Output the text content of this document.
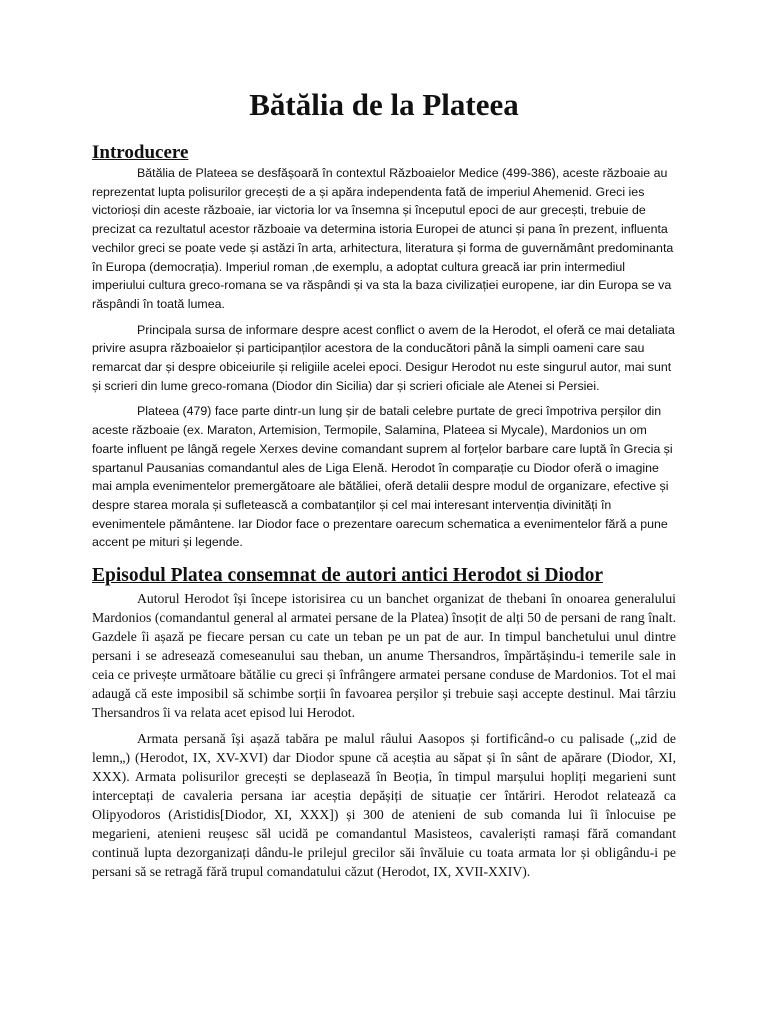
Bătălia de la Plateea
Introducere

Bătălia de Plateea se desfășoară în contextul Războaielor Medice (499-386), aceste războaie au reprezentat lupta polisurilor grecești de a și apăra independenta fată de imperiul Ahemenid. Greci ies victorioși din aceste războaie, iar victoria lor va însemna și începutul epoci de aur grecești, trebuie de precizat ca rezultatul acestor războaie va determina istoria Europei de atunci și pana în prezent, influenta vechilor greci se poate vede și astăzi în arta, arhitectura, literatura și forma de guvernământ predominanta în Europa (democrația). Imperiul roman ,de exemplu, a adoptat cultura greacă iar prin intermediul imperiului cultura greco-romana se va răspândi și va sta la baza civilizației europene, iar din Europa se va răspândi în toată lumea.

Principala sursa de informare despre acest conflict o avem de la Herodot, el oferă ce mai detaliata privire asupra războaielor și participanților acestora de la conducători până la simpli oameni care sau remarcat dar și despre obiceiurile și religiile acelei epoci. Desigur Herodot nu este singurul autor, mai sunt și scrieri din lume greco-romana (Diodor din Sicilia) dar și scrieri oficiale ale Atenei si Persiei.

Plateea (479) face parte dintr-un lung șir de batali celebre purtate de greci împotriva perșilor din aceste războaie (ex. Maraton, Artemision, Termopile, Salamina, Plateea si Mycale), Mardonios un om foarte influent pe lângă regele Xerxes devine comandant suprem al forțelor barbare care luptă în Grecia și spartanul Pausanias comandantul ales de Liga Elenă. Herodot în comparație cu Diodor oferă o imagine mai ampla evenimentelor premergătoare ale bătăliei, oferă detalii despre modul de organizare, efective și despre starea morala și sufletească a combatanților și cel mai interesant intervenția divinități în evenimentele pământene. Iar Diodor face o prezentare oarecum schematica a evenimentelor fără a pune accent pe mituri și legende.

Episodul Platea consemnat de autori antici Herodot si Diodor

Autorul Herodot își începe istorisirea cu un banchet organizat de thebani în onoarea generalului Mardonios (comandantul general al armatei persane de la Platea) însoțit de alți 50 de persani de rang înalt. Gazdele îi așază pe fiecare persan cu cate un teban pe un pat de aur. In timpul banchetului unul dintre persani i se adresează comeseanului sau theban, un anume Thersandros, împărtășindu-i temerile sale in ceia ce privește următoare bătălie cu greci și înfrângere armatei persane conduse de Mardonios. Tot el mai adaugă că este imposibil să schimbe sorții în favoarea perșilor și trebuie sași accepte destinul. Mai târziu Thersandros îi va relata acet episod lui Herodot.

Armata persană își așază tabăra pe malul râului Aasopos și fortificând-o cu palisade („zid de lemn„) (Herodot, IX, XV-XVI) dar Diodor spune că aceștia au săpat și în sânt de apărare (Diodor, XI, XXX). Armata polisurilor grecești se deplasează în Beoția, în timpul marșului hopliți megarieni sunt interceptați de cavaleria persana iar aceștia depășiți de situație cer întăriri. Herodot relatează ca Olipyodoros (Aristidis[Diodor, XI, XXX]) și 300 de atenieni de sub comanda lui îi înlocuise pe megarieni, atenieni reușesc săl ucidă pe comandantul Masisteos, cavaleriști ramași fără comandant continuă lupta dezorganizați dându-le prilejul grecilor săi învăluie cu toata armata lor și obligându-i pe persani să se retragă fără trupul comandatului căzut (Herodot, IX, XVII-XXIV).
